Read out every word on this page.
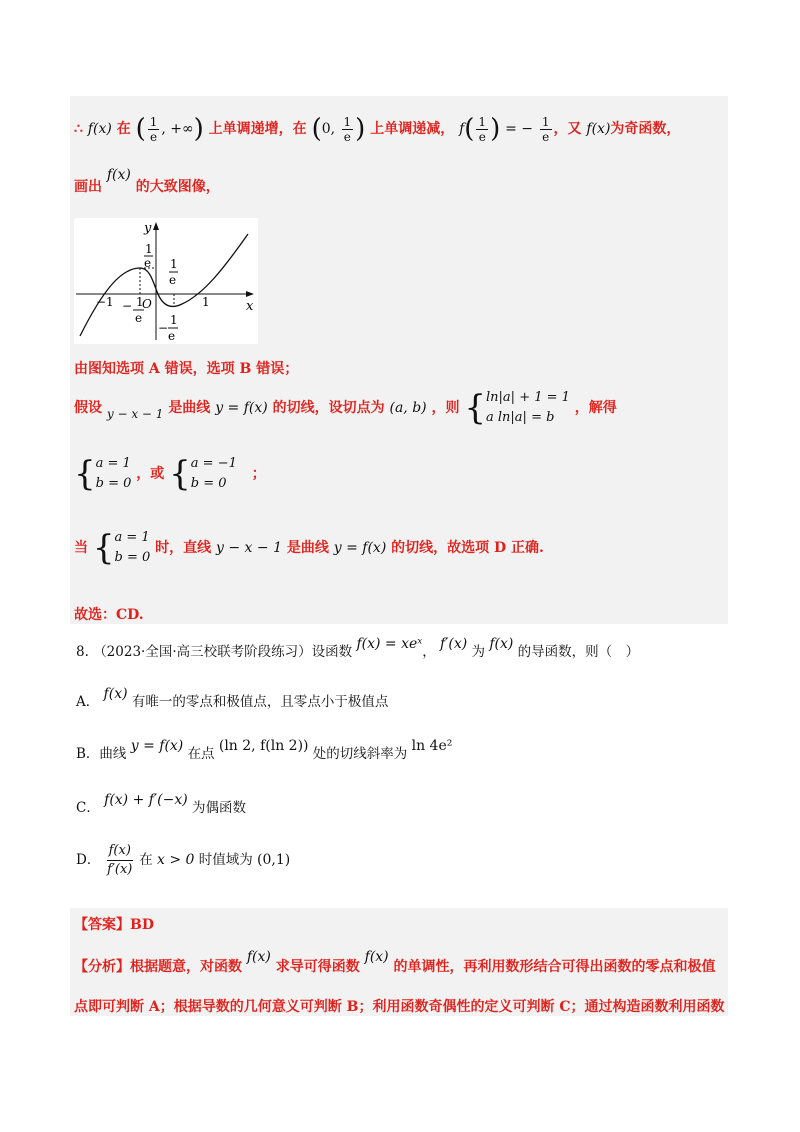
∴ f(x) 在 ( $\frac{1}{e}$ , +∞) 上单调递增，在 (0, $\frac{1}{e}$ ) 上单调递减， $f( \frac{1}{e}$ ) = − $\frac{1}{e}$ ，又 f(x)为奇函数，
画出 f(x) 的大致图像，
y
x
O
−1	1
1
e 1
e
− 1
e
−
1
e
由图知选项 A 错误，选项 B 错误；
假设 y − x − 1 是曲线 y = f(x) 的切线，设切点为 (a, b) ，则 { ln|a| + 1 = 1
a ln|a| = b
，解得
{ a = 1
b = 0
，或 { a = −1
b = 0
；
当 { a = 1
b = 0
时，直线 y − x − 1 是曲线 y = f(x) 的切线，故选项 D 正确.
故选：CD.
8. （2023·全国·高三校联考阶段练习）设函数 f(x) = xeˣ， f′(x) 为 f(x) 的导函数，则（　）
A． f(x) 有唯一的零点和极值点，且零点小于极值点
B．曲线 y = f(x) 在点 (ln 2, f(ln 2)) 处的切线斜率为 ln 4e²
C． f(x) + f′(−x) 为偶函数
D． $\frac{f(x)}{f'(x)}$ 在 x > 0 时值域为 (0,1)
【答案】BD
【分析】根据题意，对函数 f(x) 求导可得函数 f(x) 的单调性，再利用数形结合可得出函数的零点和极值
点即可判断 A；根据导数的几何意义可判断 B；利用函数奇偶性的定义可判断 C；通过构造函数利用函数
